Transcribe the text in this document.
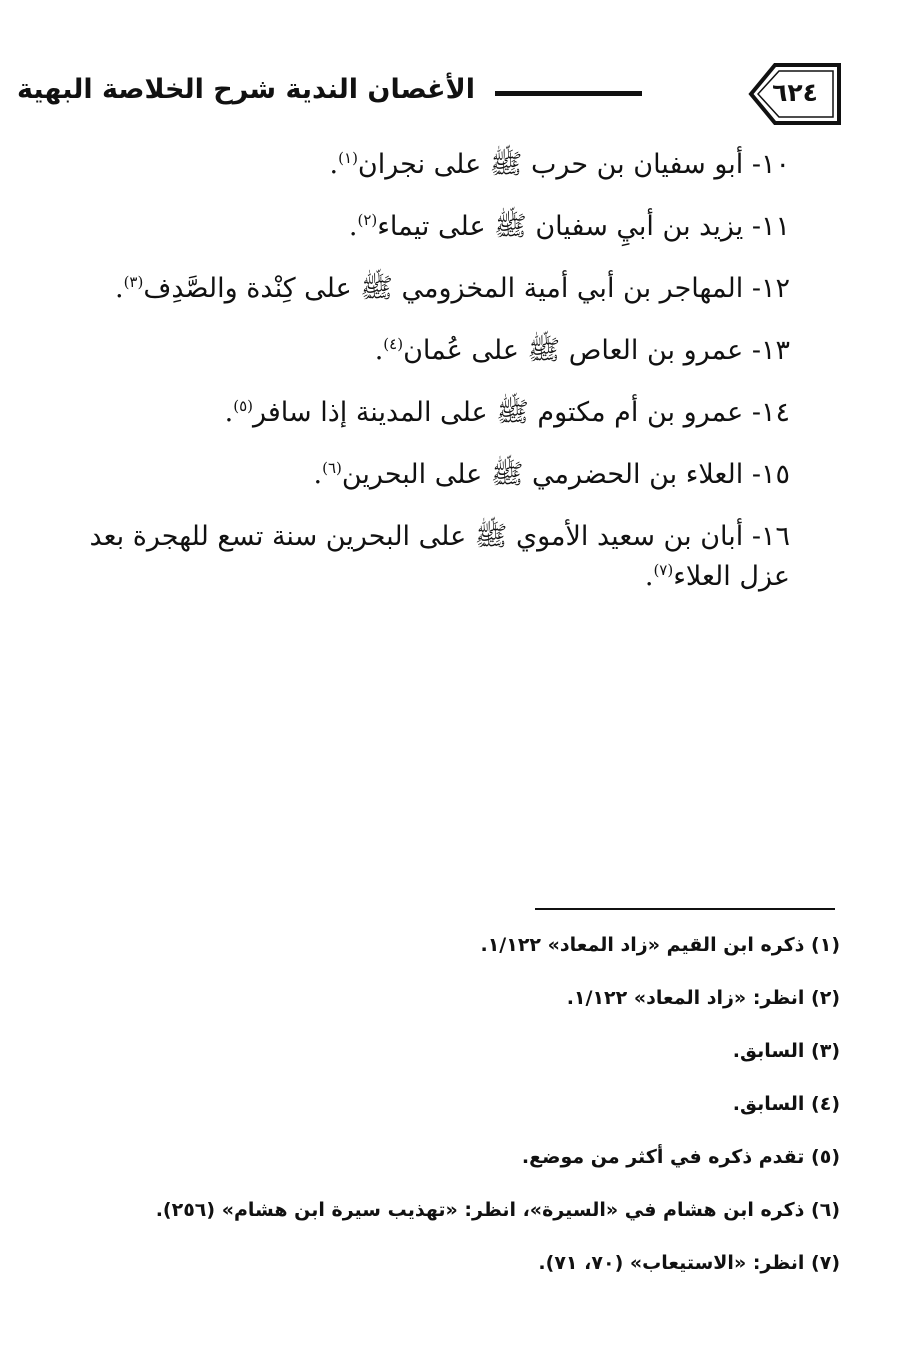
٦٢٤
الأغصان الندية شرح الخلاصة البهية
١٠- أبو سفيان بن حرب ﷺ على نجران$^{(١)}$.
١١- يزيد بن أبيِ سفيان ﷺ على تيماء$^{(٢)}$.
١٢- المهاجر بن أبي أمية المخزومي ﷺ على كِنْدة والصَّدِف$^{(٣)}$.
١٣- عمرو بن العاص ﷺ على عُمان$^{(٤)}$.
١٤- عمرو بن أم مكتوم ﷺ على المدينة إذا سافر$^{(٥)}$.
١٥- العلاء بن الحضرمي ﷺ على البحرين$^{(٦)}$.
١٦- أبان بن سعيد الأموي ﷺ على البحرين سنة تسع للهجرة بعد
عزل العلاء$^{(٧)}$.
(١) ذكره ابن القيم «زاد المعاد» ١/١٢٢.
(٢) انظر: «زاد المعاد» ١/١٢٢.
(٣) السابق.
(٤) السابق.
(٥) تقدم ذكره في أكثر من موضع.
(٦) ذكره ابن هشام في «السيرة»، انظر: «تهذيب سيرة ابن هشام» (٢٥٦).
(٧) انظر: «الاستيعاب» (٧٠، ٧١).
